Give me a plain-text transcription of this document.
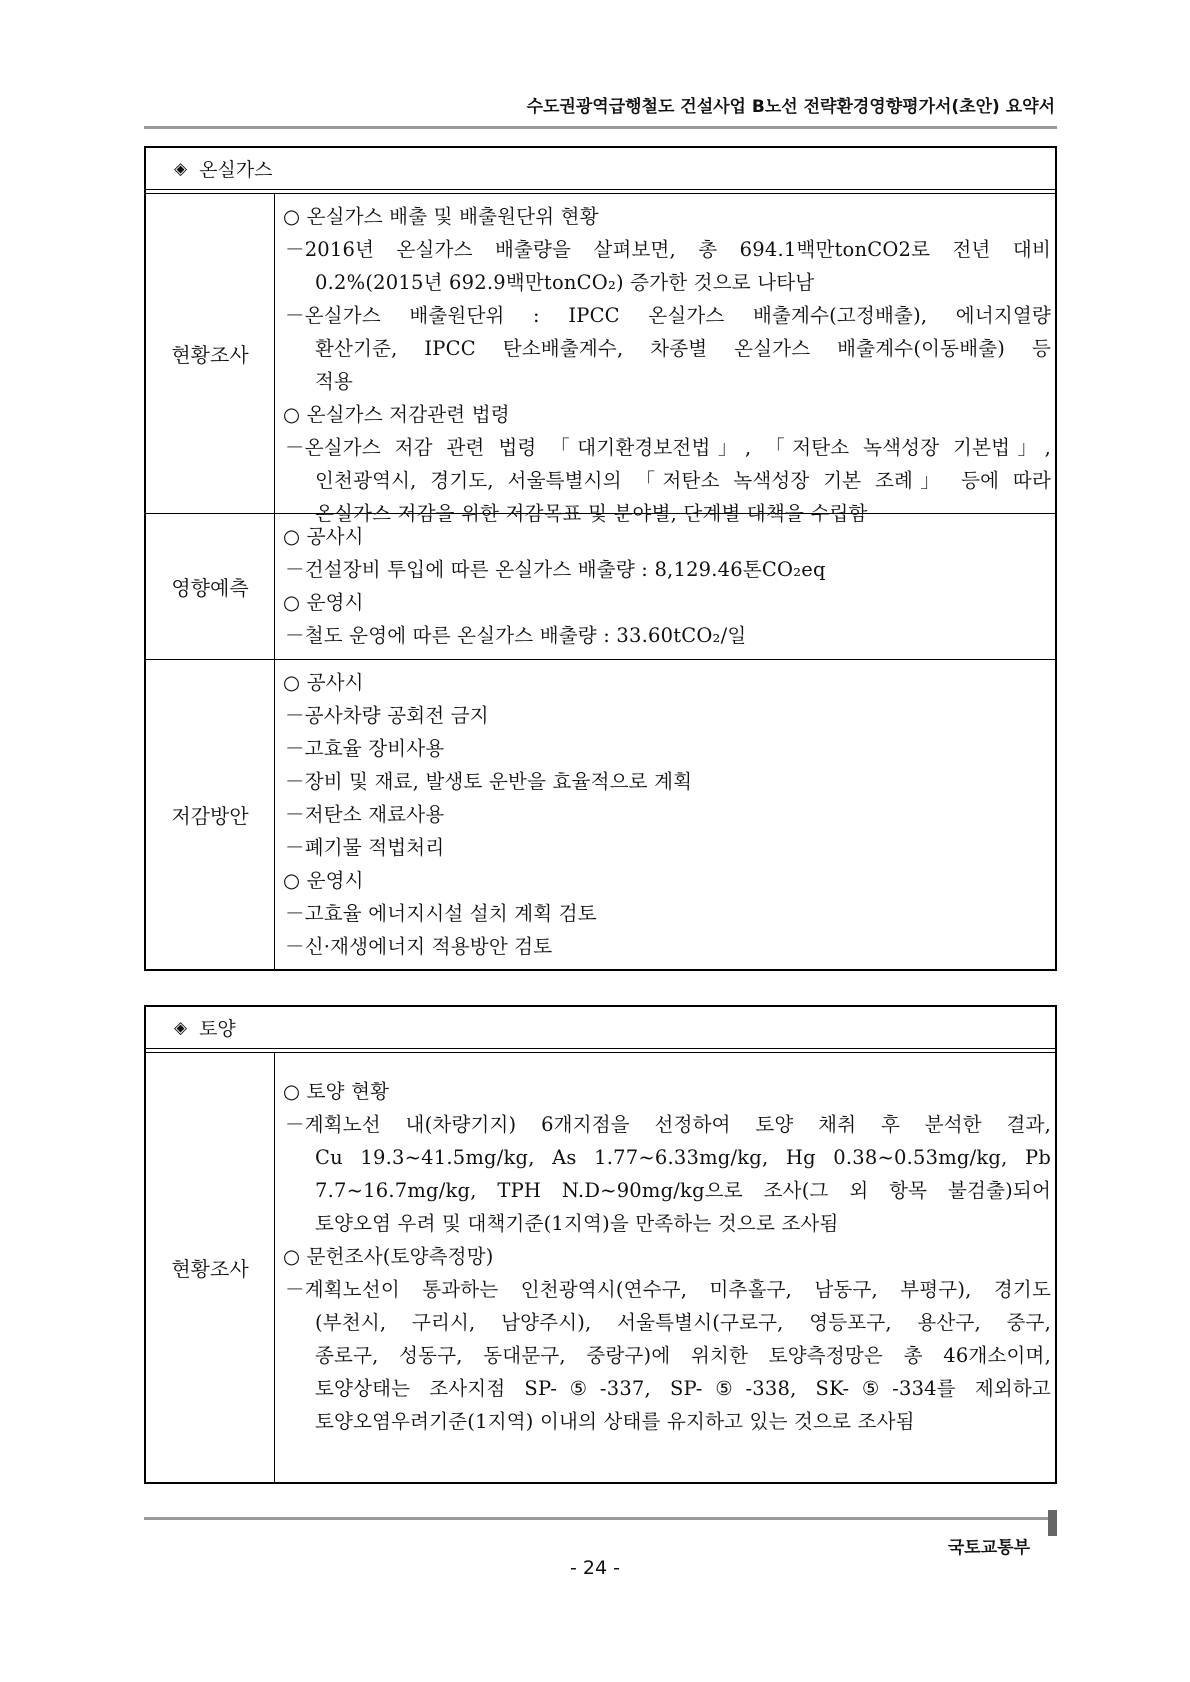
수도권광역급행철도 건설사업 B노선 전략환경영향평가서(초안) 요약서
◈ 온실가스
현황조사
○ 온실가스 배출 및 배출원단위 현황
－2016년 온실가스 배출량을 살펴보면, 총 694.1백만tonCO2로 전년 대비
0.2%(2015년 692.9백만tonCO₂) 증가한 것으로 나타남
－온실가스 배출원단위 : IPCC 온실가스 배출계수(고정배출), 에너지열량
환산기준, IPCC 탄소배출계수, 차종별 온실가스 배출계수(이동배출) 등
적용
○ 온실가스 저감관련 법령
－온실가스 저감 관련 법령 「대기환경보전법」, 「저탄소 녹색성장 기본법」,
인천광역시, 경기도, 서울특별시의 「저탄소 녹색성장 기본 조례」 등에 따라
온실가스 저감을 위한 저감목표 및 분야별, 단계별 대책을 수립함
영향예측
○ 공사시
－건설장비 투입에 따른 온실가스 배출량 : 8,129.46톤CO₂eq
○ 운영시
－철도 운영에 따른 온실가스 배출량 : 33.60tCO₂/일
저감방안
○ 공사시
－공사차량 공회전 금지
－고효율 장비사용
－장비 및 재료, 발생토 운반을 효율적으로 계획
－저탄소 재료사용
－폐기물 적법처리
○ 운영시
－고효율 에너지시설 설치 계획 검토
－신·재생에너지 적용방안 검토
◈ 토양
현황조사
○ 토양 현황
－계획노선 내(차량기지) 6개지점을 선정하여 토양 채취 후 분석한 결과,
Cu 19.3~41.5mg/kg, As 1.77~6.33mg/kg, Hg 0.38~0.53mg/kg, Pb
7.7~16.7mg/kg, TPH N.D~90mg/kg으로 조사(그 외 항목 불검출)되어
토양오염 우려 및 대책기준(1지역)을 만족하는 것으로 조사됨
○ 문헌조사(토양측정망)
－계획노선이 통과하는 인천광역시(연수구, 미추홀구, 남동구, 부평구), 경기도
(부천시, 구리시, 남양주시), 서울특별시(구로구, 영등포구, 용산구, 중구,
종로구, 성동구, 동대문구, 중랑구)에 위치한 토양측정망은 총 46개소이며,
토양상태는 조사지점 SP-⑤-337, SP-⑤-338, SK-⑤-334를 제외하고
토양오염우려기준(1지역) 이내의 상태를 유지하고 있는 것으로 조사됨
국토교통부
- 24 -
